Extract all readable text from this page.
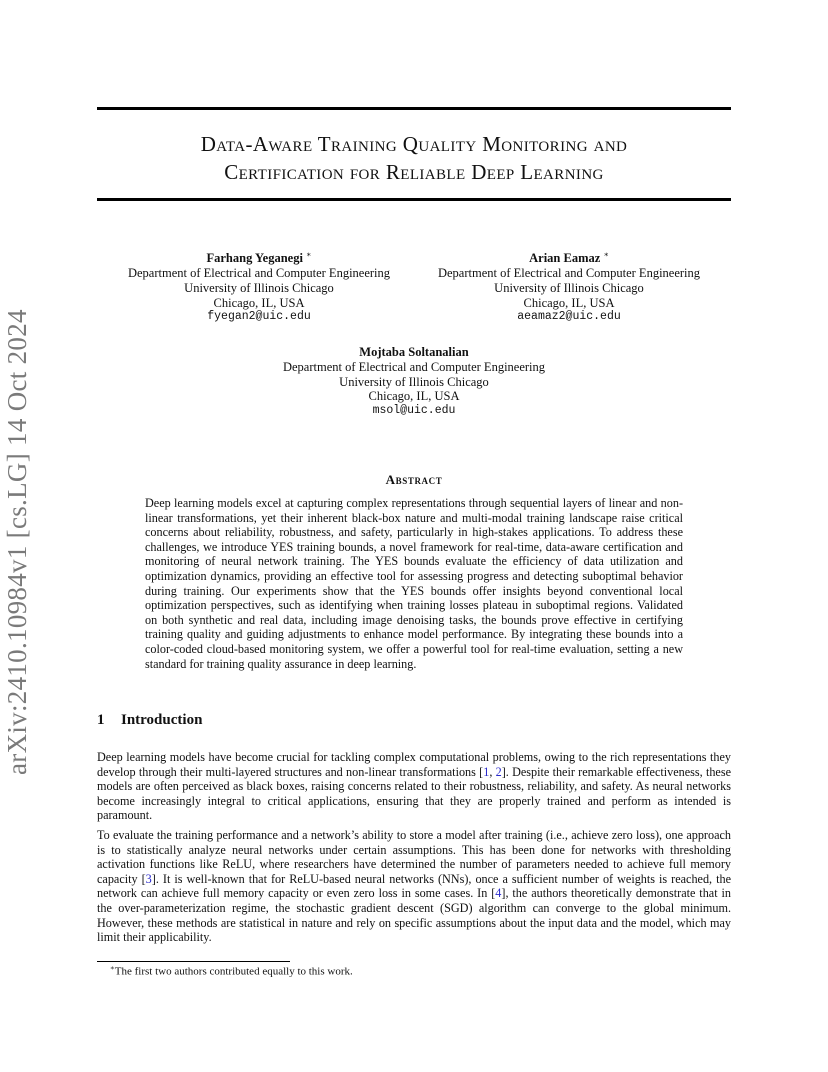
arXiv:2410.10984v1 [cs.LG] 14 Oct 2024
Data-Aware Training Quality Monitoring and
Certification for Reliable Deep Learning
Farhang Yeganegi ∗
Department of Electrical and Computer Engineering
University of Illinois Chicago
Chicago, IL, USA
fyegan2@uic.edu
Arian Eamaz ∗
Department of Electrical and Computer Engineering
University of Illinois Chicago
Chicago, IL, USA
aeamaz2@uic.edu
Mojtaba Soltanalian
Department of Electrical and Computer Engineering
University of Illinois Chicago
Chicago, IL, USA
msol@uic.edu
Abstract
Deep learning models excel at capturing complex representations through sequential layers of linear and non-linear transformations, yet their inherent black-box nature and multi-modal training landscape raise critical concerns about reliability, robustness, and safety, particularly in high-stakes applications. To address these challenges, we introduce YES training bounds, a novel framework for real-time, data-aware certification and monitoring of neural network training. The YES bounds evaluate the efficiency of data utilization and optimization dynamics, providing an effective tool for assessing progress and detecting suboptimal behavior during training. Our experiments show that the YES bounds offer insights beyond conventional local optimization perspectives, such as identifying when training losses plateau in suboptimal regions. Validated on both synthetic and real data, including image denoising tasks, the bounds prove effective in certifying training quality and guiding adjustments to enhance model performance. By integrating these bounds into a color-coded cloud-based monitoring system, we offer a powerful tool for real-time evaluation, setting a new standard for training quality assurance in deep learning.
1 Introduction
Deep learning models have become crucial for tackling complex computational problems, owing to the rich representations they develop through their multi-layered structures and non-linear transformations [1, 2]. Despite their remarkable effectiveness, these models are often perceived as black boxes, raising concerns related to their robustness, reliability, and safety. As neural networks become increasingly integral to critical applications, ensuring that they are properly trained and perform as intended is paramount.
To evaluate the training performance and a network’s ability to store a model after training (i.e., achieve zero loss), one approach is to statistically analyze neural networks under certain assumptions. This has been done for networks with thresholding activation functions like ReLU, where researchers have determined the number of parameters needed to achieve full memory capacity [3]. It is well-known that for ReLU-based neural networks (NNs), once a sufficient number of weights is reached, the network can achieve full memory capacity or even zero loss in some cases. In [4], the authors theoretically demonstrate that in the over-parameterization regime, the stochastic gradient descent (SGD) algorithm can converge to the global minimum. However, these methods are statistical in nature and rely on specific assumptions about the input data and the model, which may limit their applicability.
∗The first two authors contributed equally to this work.
